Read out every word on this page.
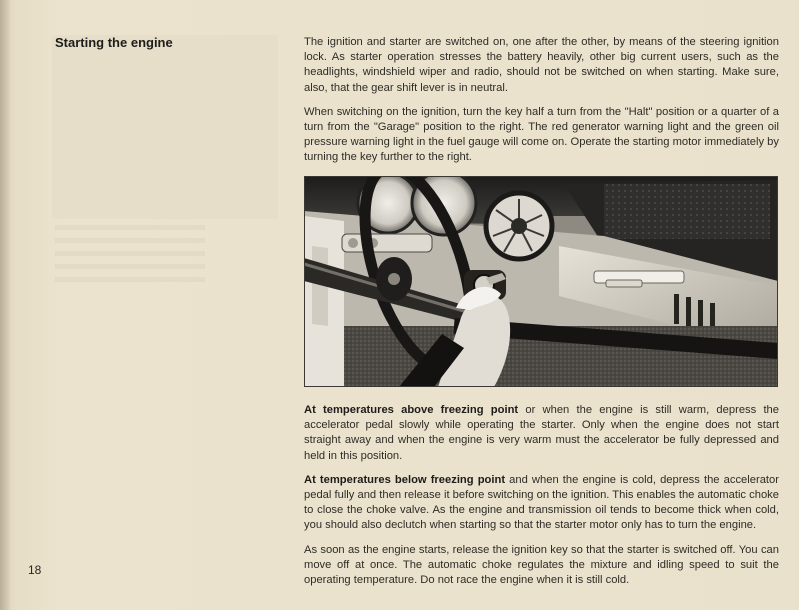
Starting the engine	The ignition and starter are switched on, one after the other, by means of the steering ignition lock. As starter operation stresses the battery heavily, other big current users, such as the headlights, windshield wiper and radio, should not be switched on when starting. Make sure, also, that the gear shift lever is in neutral.

When switching on the ignition, turn the key half a turn from the "Halt" position or a quarter of a turn from the "Garage" position to the right. The red generator warning light and the green oil pressure warning light in the fuel gauge will come on. Operate the starting motor immediately by turning the key further to the right.

At temperatures above freezing point or when the engine is still warm, depress the accelerator pedal slowly while operating the starter. Only when the engine does not start straight away and when the engine is very warm must the accelerator be fully depressed and held in this position.

At temperatures below freezing point and when the engine is cold, depress the accelerator pedal fully and then release it before switching on the ignition. This enables the automatic choke to close the choke valve. As the engine and transmission oil tends to become thick when cold, you should also declutch when starting so that the starter motor only has to turn the engine.

As soon as the engine starts, release the ignition key so that the starter is switched off. You can move off at once. The automatic choke regulates the mixture and idling speed to suit the operating temperature. Do not race the engine when it is still cold.

18
